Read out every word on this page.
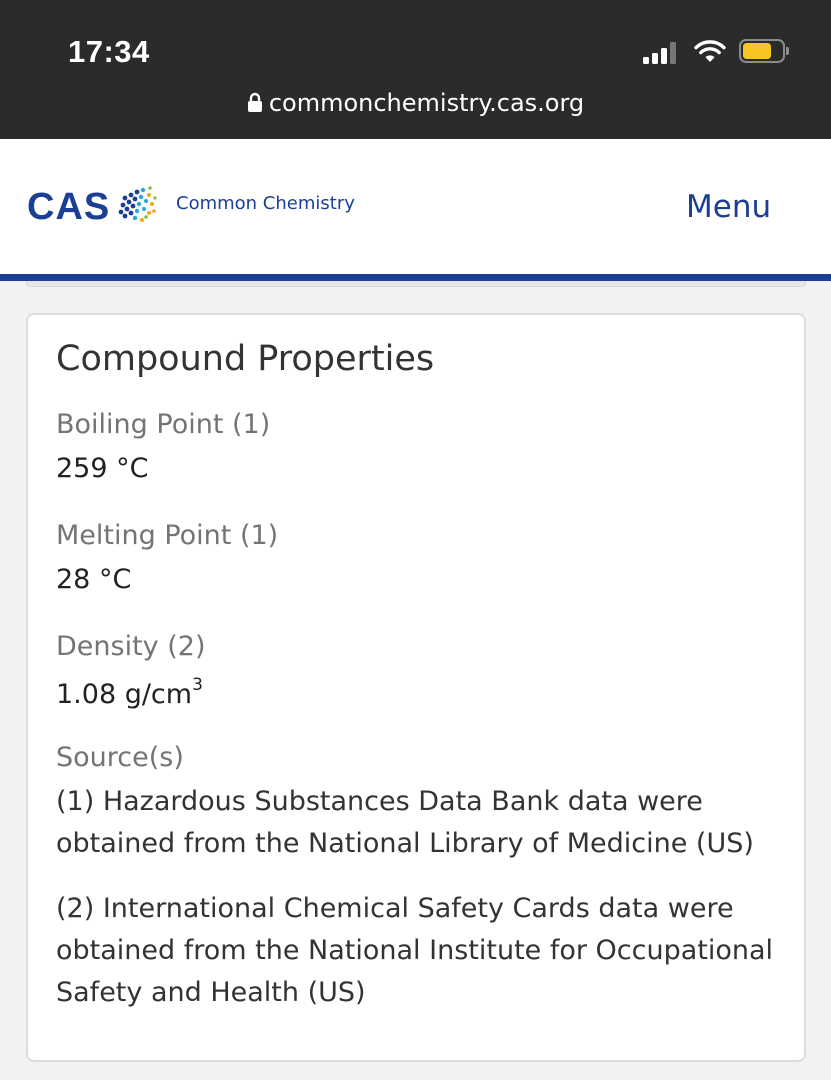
17:34
commonchemistry.cas.org
CAS	Common Chemistry	Menu
Compound Properties
Boiling Point (1)
259 °C
Melting Point (1)
28 °C
Density (2)
1.08 $g/cm^3$
Source(s)
(1) Hazardous Substances Data Bank data were obtained from the National Library of Medicine (US)
(2) International Chemical Safety Cards data were obtained from the National Institute for Occupational Safety and Health (US)
